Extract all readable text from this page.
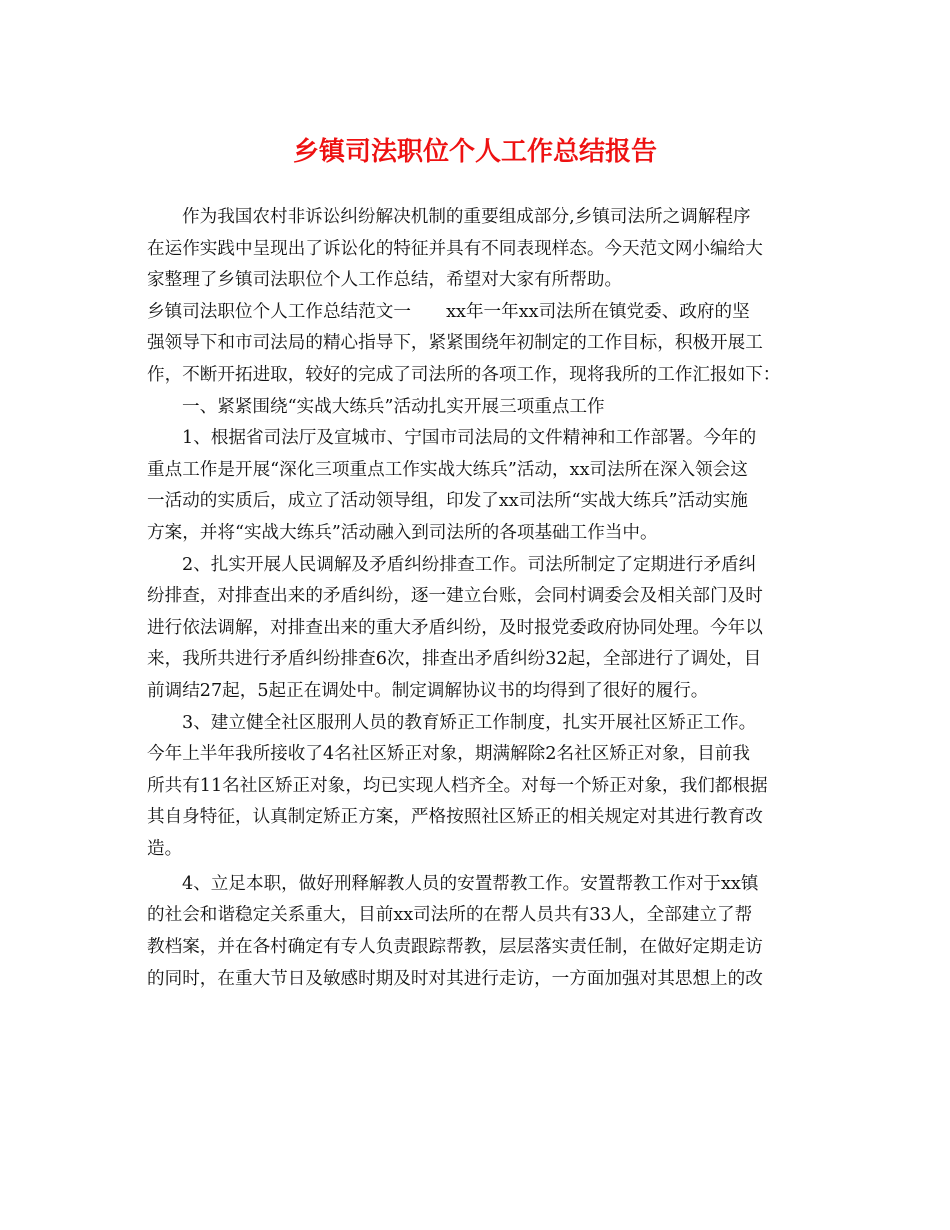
乡镇司法职位个人工作总结报告
作为我国农村非诉讼纠纷解决机制的重要组成部分,乡镇司法所之调解程序
在运作实践中呈现出了诉讼化的特征并具有不同表现样态。今天范文网小编给大
家整理了乡镇司法职位个人工作总结，希望对大家有所帮助。
乡镇司法职位个人工作总结范文一　　xx年一年xx司法所在镇党委、政府的坚
强领导下和市司法局的精心指导下，紧紧围绕年初制定的工作目标，积极开展工
作，不断开拓进取，较好的完成了司法所的各项工作，现将我所的工作汇报如下：
一、紧紧围绕“实战大练兵”活动扎实开展三项重点工作
1、根据省司法厅及宣城市、宁国市司法局的文件精神和工作部署。今年的
重点工作是开展“深化三项重点工作实战大练兵”活动，xx司法所在深入领会这
一活动的实质后，成立了活动领导组，印发了xx司法所“实战大练兵”活动实施
方案，并将“实战大练兵”活动融入到司法所的各项基础工作当中。
2、扎实开展人民调解及矛盾纠纷排查工作。司法所制定了定期进行矛盾纠
纷排查，对排查出来的矛盾纠纷，逐一建立台账，会同村调委会及相关部门及时
进行依法调解，对排查出来的重大矛盾纠纷，及时报党委政府协同处理。今年以
来，我所共进行矛盾纠纷排查6次，排查出矛盾纠纷32起，全部进行了调处，目
前调结27起，5起正在调处中。制定调解协议书的均得到了很好的履行。
3、建立健全社区服刑人员的教育矫正工作制度，扎实开展社区矫正工作。
今年上半年我所接收了4名社区矫正对象，期满解除2名社区矫正对象，目前我
所共有11名社区矫正对象，均已实现人档齐全。对每一个矫正对象，我们都根据
其自身特征，认真制定矫正方案，严格按照社区矫正的相关规定对其进行教育改
造。
4、立足本职，做好刑释解教人员的安置帮教工作。安置帮教工作对于xx镇
的社会和谐稳定关系重大，目前xx司法所的在帮人员共有33人，全部建立了帮
教档案，并在各村确定有专人负责跟踪帮教，层层落实责任制，在做好定期走访
的同时，在重大节日及敏感时期及时对其进行走访，一方面加强对其思想上的改
